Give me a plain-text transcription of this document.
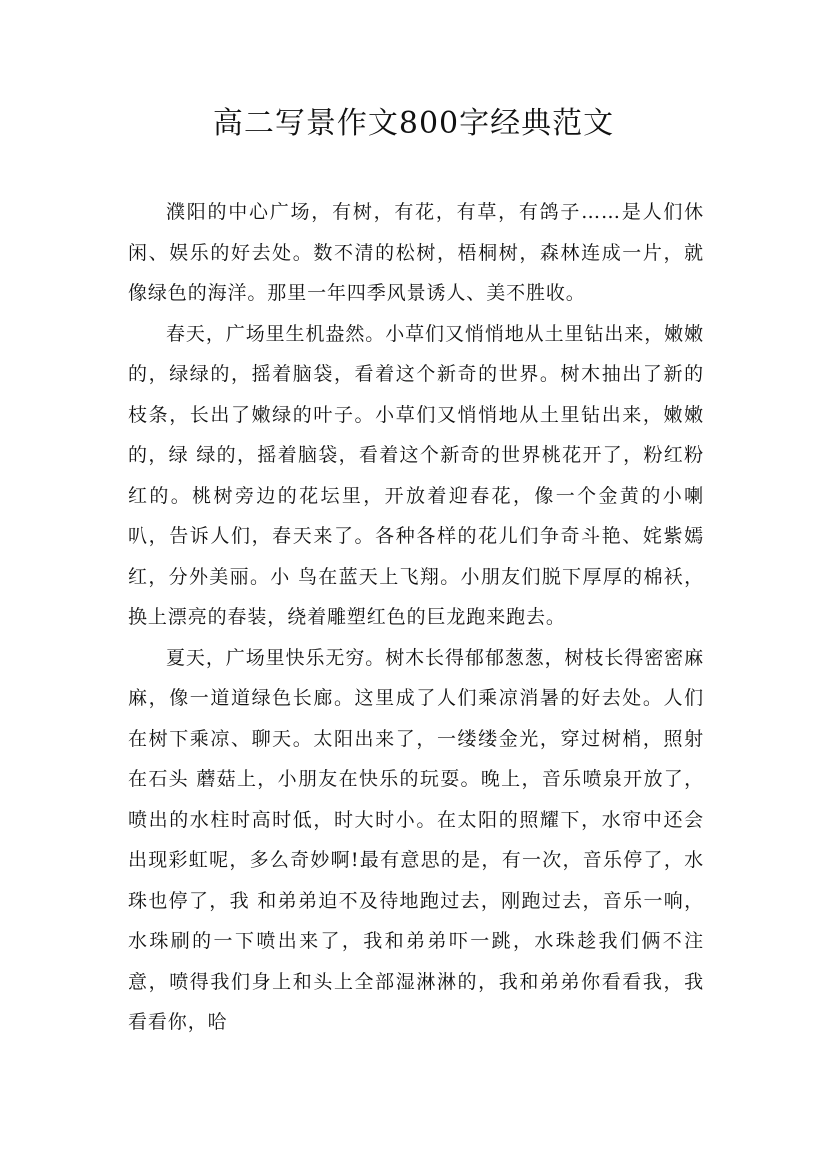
高二写景作文800字经典范文

濮阳的中心广场，有树，有花，有草，有鸽子……是人们休闲、娱乐的好去处。数不清的松树，梧桐树，森林连成一片，就像绿色的海洋。那里一年四季风景诱人、美不胜收。

春天，广场里生机盎然。小草们又悄悄地从土里钻出来，嫩嫩的，绿绿的，摇着脑袋，看着这个新奇的世界。树木抽出了新的枝条，长出了嫩绿的叶子。小草们又悄悄地从土里钻出来，嫩嫩的，绿 绿的，摇着脑袋，看着这个新奇的世界桃花开了，粉红粉红的。桃树旁边的花坛里，开放着迎春花，像一个金黄的小喇叭，告诉人们，春天来了。各种各样的花儿们争奇斗艳、姹紫嫣红，分外美丽。小 鸟在蓝天上飞翔。小朋友们脱下厚厚的棉袄，换上漂亮的春装，绕着雕塑红色的巨龙跑来跑去。

夏天，广场里快乐无穷。树木长得郁郁葱葱，树枝长得密密麻麻，像一道道绿色长廊。这里成了人们乘凉消暑的好去处。人们在树下乘凉、聊天。太阳出来了，一缕缕金光，穿过树梢，照射在石头 蘑菇上，小朋友在快乐的玩耍。晚上，音乐喷泉开放了，喷出的水柱时高时低，时大时小。在太阳的照耀下，水帘中还会出现彩虹呢，多么奇妙啊!最有意思的是，有一次，音乐停了，水珠也停了，我 和弟弟迫不及待地跑过去，刚跑过去，音乐一响，水珠刷的一下喷出来了，我和弟弟吓一跳，水珠趁我们俩不注意，喷得我们身上和头上全部湿淋淋的，我和弟弟你看看我，我看看你，哈
